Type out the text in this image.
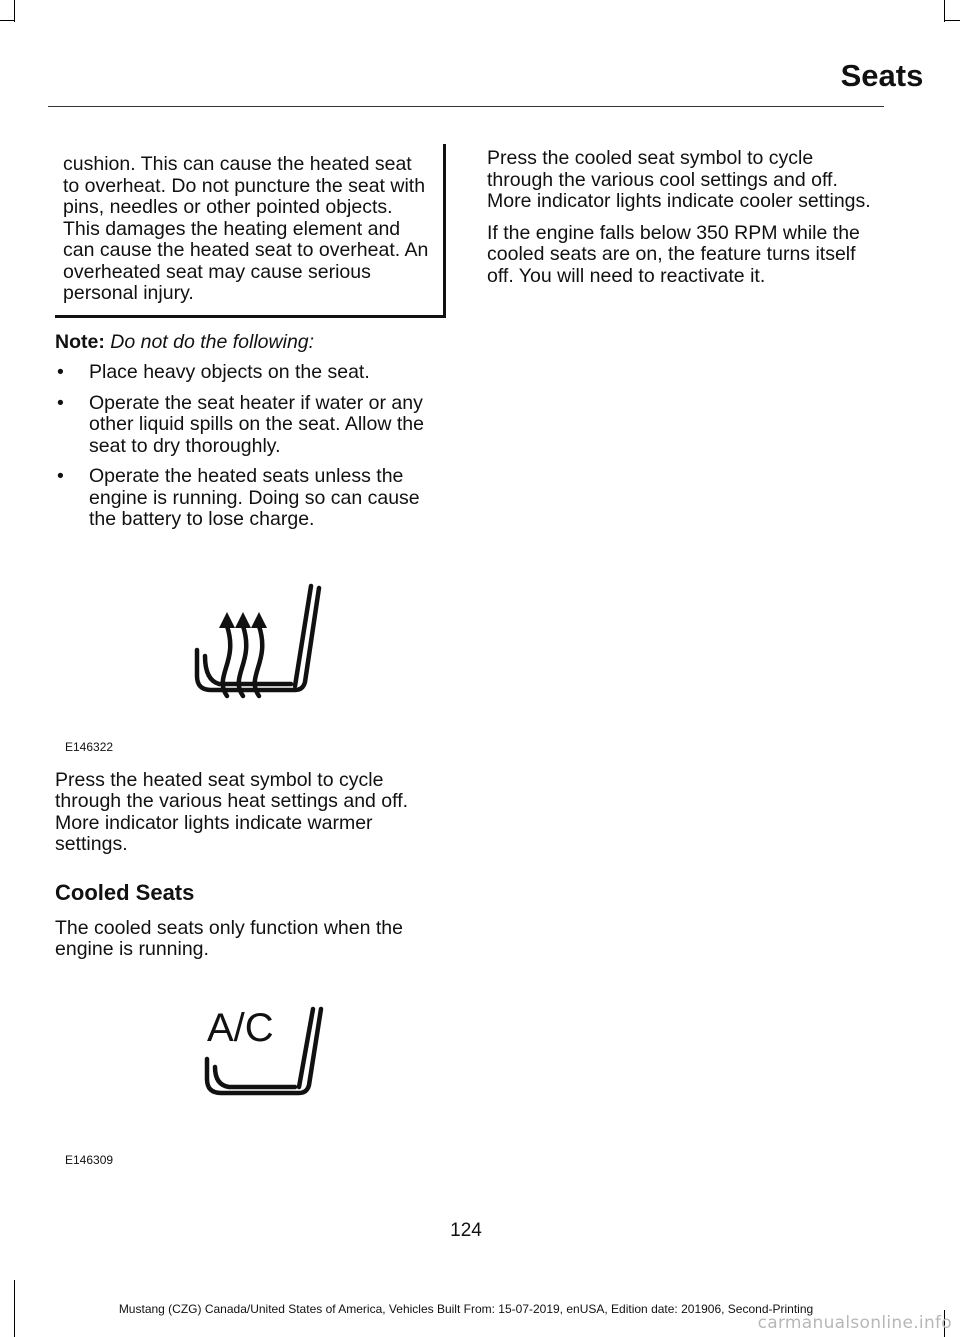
Seats
cushion. This can cause the heated seat to overheat. Do not puncture the seat with pins, needles or other pointed objects. This damages the heating element and can cause the heated seat to overheat. An overheated seat may cause serious personal injury.

Note: Do not do the following:

• Place heavy objects on the seat.
• Operate the seat heater if water or any other liquid spills on the seat. Allow the seat to dry thoroughly.
• Operate the heated seats unless the engine is running. Doing so can cause the battery to lose charge.
E146322

Press the heated seat symbol to cycle through the various heat settings and off. More indicator lights indicate warmer settings.

Cooled Seats

The cooled seats only function when the engine is running.

A/C
E146309

Press the cooled seat symbol to cycle through the various cool settings and off. More indicator lights indicate cooler settings.

If the engine falls below 350 RPM while the cooled seats are on, the feature turns itself off. You will need to reactivate it.

124
Mustang (CZG) Canada/United States of America, Vehicles Built From: 15-07-2019, enUSA, Edition date: 201906, Second-Printing
carmanualsonline.info
